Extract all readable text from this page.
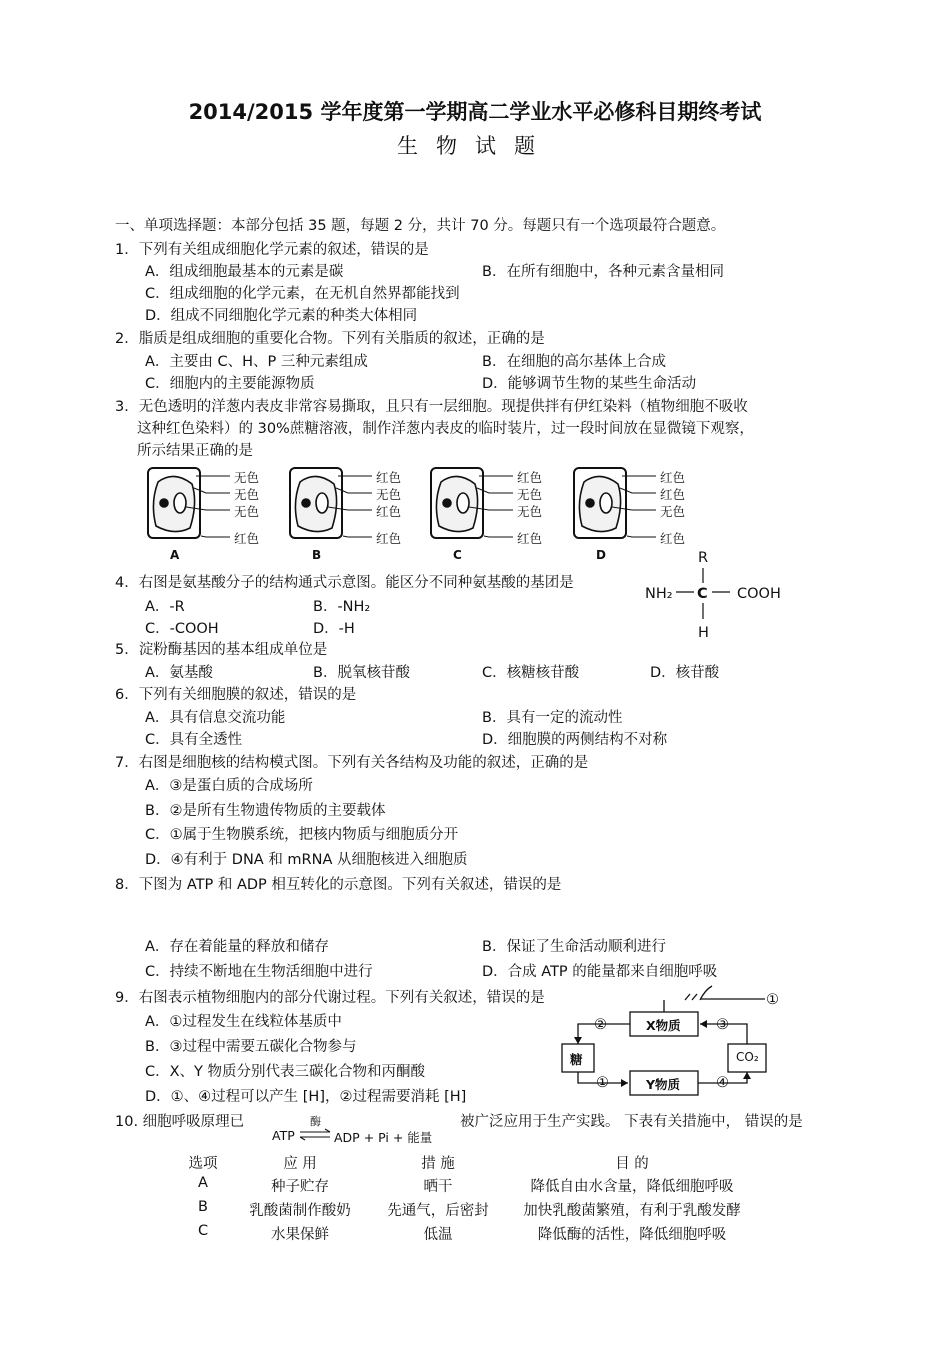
2014/2015 学年度第一学期高二学业水平必修科目期终考试
生物试题
一、单项选择题：本部分包括 35 题，每题 2 分，共计 70 分。每题只有一个选项最符合题意。
1．下列有关组成细胞化学元素的叙述，错误的是
A．组成细胞最基本的元素是碳	B．在所有细胞中，各种元素含量相同
C．组成细胞的化学元素，在无机自然界都能找到
D．组成不同细胞化学元素的种类大体相同
2．脂质是组成细胞的重要化合物。下列有关脂质的叙述，正确的是
A．主要由 C、H、P 三种元素组成	B．在细胞的高尔基体上合成
C．细胞内的主要能源物质	D．能够调节生物的某些生命活动
3．无色透明的洋葱内表皮非常容易撕取，且只有一层细胞。现提供拌有伊红染料（植物细胞不吸收
这种红色染料）的 30%蔗糖溶液，制作洋葱内表皮的临时装片，过一段时间放在显微镜下观察，
所示结果正确的是
无色
无色
无色
红色
A
红色
无色
红色
红色
B
红色
无色
无色
红色
C
红色
红色
无色
红色
D
4．右图是氨基酸分子的结构通式示意图。能区分不同种氨基酸的基团是
A．-R	B．-NH₂
C．-COOH	D．-H
R
NH₂ C COOH
H
5．淀粉酶基因的基本组成单位是
A．氨基酸	B．脱氧核苷酸	C．核糖核苷酸	D．核苷酸
6．下列有关细胞膜的叙述，错误的是
A．具有信息交流功能	B．具有一定的流动性
C．具有全透性	D．细胞膜的两侧结构不对称
7．右图是细胞核的结构模式图。下列有关各结构及功能的叙述，正确的是
A．③是蛋白质的合成场所
B．②是所有生物遗传物质的主要载体
C．①属于生物膜系统，把核内物质与细胞质分开
D．④有利于 DNA 和 mRNA 从细胞核进入细胞质
8．下图为 ATP 和 ADP 相互转化的示意图。下列有关叙述，错误的是
A．存在着能量的释放和储存	B．保证了生命活动顺利进行
C．持续不断地在生物活细胞中进行	D．合成 ATP 的能量都来自细胞呼吸
9．右图表示植物细胞内的部分代谢过程。下列有关叙述，错误的是
A．①过程发生在线粒体基质中
B．③过程中需要五碳化合物参与
C．X、Y 物质分别代表三碳化合物和丙酮酸
D．①、④过程可以产生 [H]，②过程需要消耗 [H]
X物质
Y物质
糖	CO₂
②	③
①	④
①
10. 细胞呼吸原理已	被广泛应用于生产实践。 下表有关措施中， 错误的是
酶
ATP	ADP + Pi + 能量
选项	应 用	措 施	目 的
A	种子贮存	晒干	降低自由水含量，降低细胞呼吸
B	乳酸菌制作酸奶	先通气，后密封	加快乳酸菌繁殖，有利于乳酸发酵
C	水果保鲜	低温	降低酶的活性，降低细胞呼吸
